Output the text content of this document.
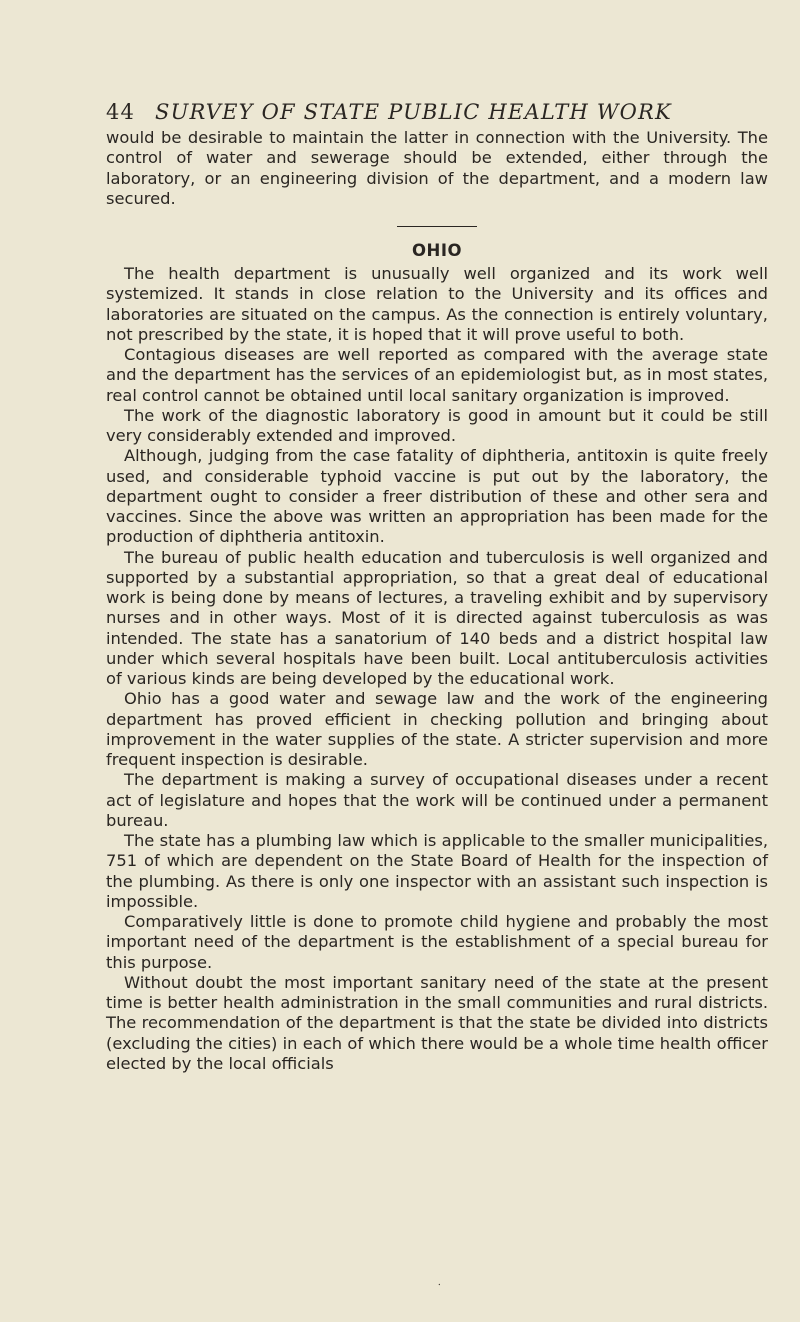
44 SURVEY OF STATE PUBLIC HEALTH WORK

would be desirable to maintain the latter in connection with the University. The control of water and sewerage should be extended, either through the laboratory, or an engineering division of the department, and a modern law secured.

OHIO

The health department is unusually well organized and its work well systemized. It stands in close relation to the University and its offices and laboratories are situated on the campus. As the connection is entirely voluntary, not prescribed by the state, it is hoped that it will prove useful to both.

Contagious diseases are well reported as compared with the average state and the department has the services of an epidemiologist but, as in most states, real control cannot be obtained until local sanitary organization is improved.

The work of the diagnostic laboratory is good in amount but it could be still very considerably extended and improved.

Although, judging from the case fatality of diphtheria, antitoxin is quite freely used, and considerable typhoid vaccine is put out by the laboratory, the department ought to consider a freer distribution of these and other sera and vaccines. Since the above was written an appropriation has been made for the production of diphtheria antitoxin.

The bureau of public health education and tuberculosis is well organized and supported by a substantial appropriation, so that a great deal of educational work is being done by means of lectures, a traveling exhibit and by supervisory nurses and in other ways. Most of it is directed against tuberculosis as was intended. The state has a sanatorium of 140 beds and a district hospital law under which several hospitals have been built. Local antituberculosis activities of various kinds are being developed by the educational work.

Ohio has a good water and sewage law and the work of the engineering department has proved efficient in checking pollution and bringing about improvement in the water supplies of the state. A stricter supervision and more frequent inspection is desirable.

The department is making a survey of occupational diseases under a recent act of legislature and hopes that the work will be continued under a permanent bureau.

The state has a plumbing law which is applicable to the smaller municipalities, 751 of which are dependent on the State Board of Health for the inspection of the plumbing. As there is only one inspector with an assistant such inspection is impossible.

Comparatively little is done to promote child hygiene and probably the most important need of the department is the establishment of a special bureau for this purpose.

Without doubt the most important sanitary need of the state at the present time is better health administration in the small communities and rural districts. The recommendation of the department is that the state be divided into districts (excluding the cities) in each of which there would be a whole time health officer elected by the local officials

⸱
